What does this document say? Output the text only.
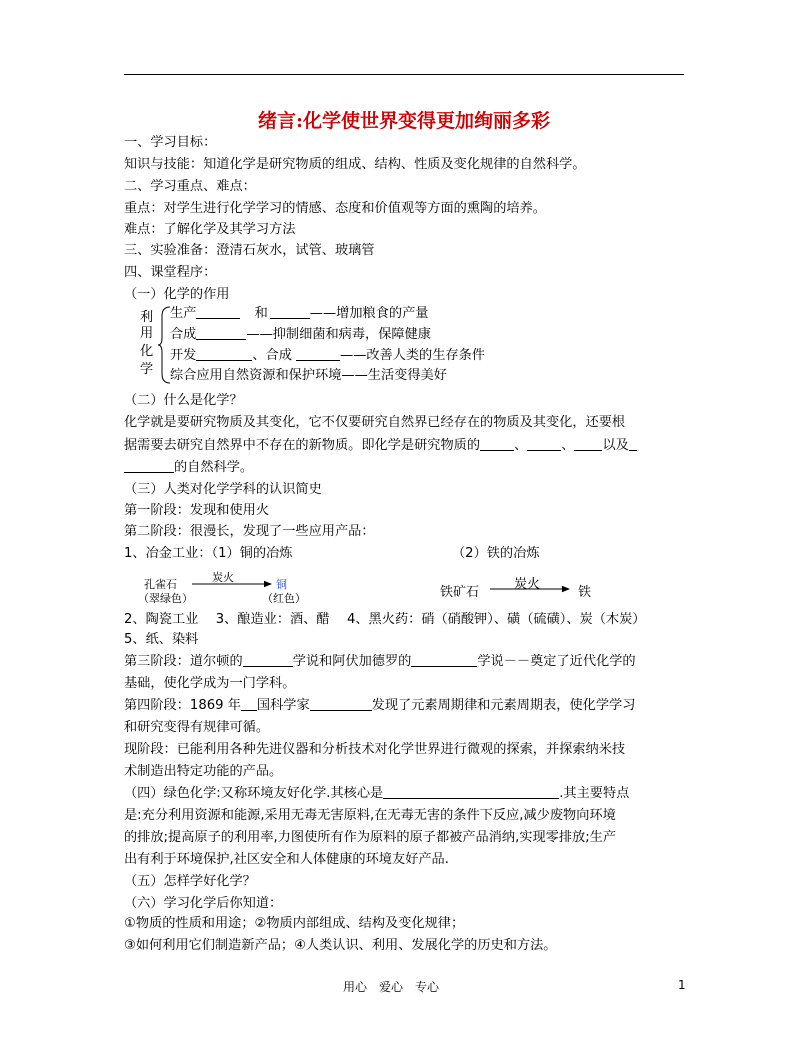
绪言:化学使世界变得更加绚丽多彩
一、学习目标：
知识与技能：知道化学是研究物质的组成、结构、性质及变化规律的自然科学。
二、学习重点、难点：
重点：对学生进行化学学习的情感、态度和价值观等方面的熏陶的培养。
难点：了解化学及其学习方法
三、实验准备：澄清石灰水，试管、玻璃管
四、课堂程序：
（一）化学的作用
利
用
化
学
生产	和	——增加粮食的产量
合成	——抑制细菌和病毒，保障健康
开发	、合成	——改善人类的生存条件
综合应用自然资源和保护环境——生活变得美好
（二）什么是化学？
化学就是要研究物质及其变化，它不仅要研究自然界已经存在的物质及其变化，还要根
据需要去研究自然界中不存在的新物质。即化学是研究物质的	、	、 以及
的自然科学。
（三）人类对化学学科的认识简史
第一阶段：发现和使用火
第二阶段：很漫长，发现了一些应用产品：
1、冶金工业：（1）铜的冶炼	（2）铁的冶炼
孔雀石
（翠绿色）
炭火
铜
（红色）	铁矿石
炭火
铁
2、陶瓷工业　 3、酿造业：酒、醋　 4、黑火药：硝（硝酸钾）、磺（硫磺）、炭（木炭）
5、纸、染料
第三阶段：道尔顿的	学说和阿伏加德罗的	学说－－奠定了近代化学的
基础，使化学成为一门学科。
第四阶段：1869 年 国科学家	发现了元素周期律和元素周期表，使化学学习
和研究变得有规律可循。
现阶段：已能利用各种先进仪器和分析技术对化学世界进行微观的探索，并探索纳米技
术制造出特定功能的产品。
（四）绿色化学:又称环境友好化学.其核心是	.其主要特点
是:充分利用资源和能源,采用无毒无害原料,在无毒无害的条件下反应,减少废物向环境
的排放;提高原子的利用率,力图使所有作为原料的原子都被产品消纳,实现零排放;生产
出有利于环境保护,社区安全和人体健康的环境友好产品.
（五）怎样学好化学？
（六）学习化学后你知道：
①物质的性质和用途；②物质内部组成、结构及变化规律；
③如何利用它们制造新产品；④人类认识、利用、发展化学的历史和方法。
用心　爱心　专心	1
